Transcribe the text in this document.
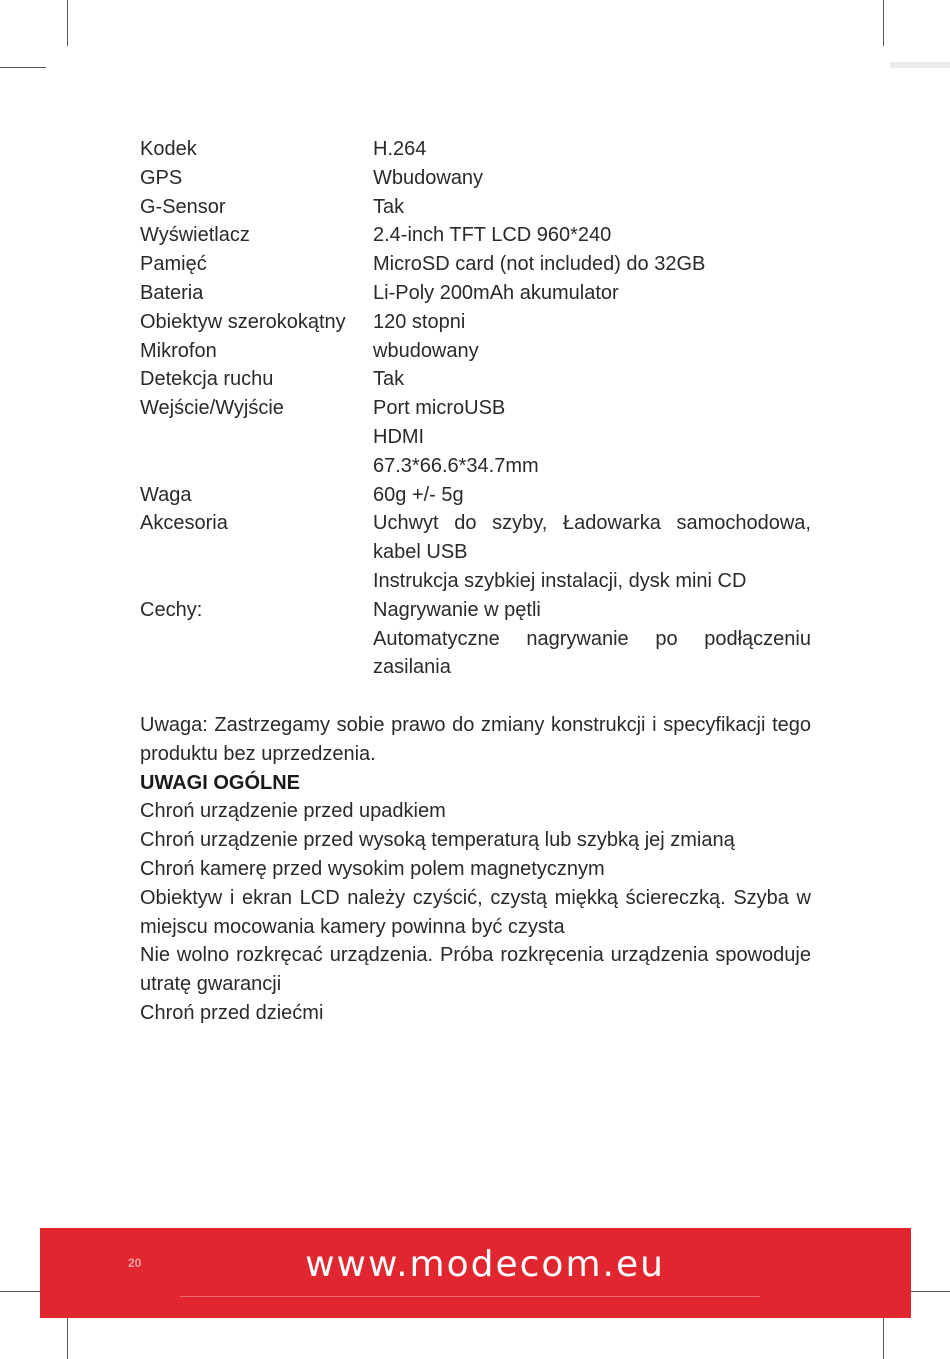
Kodek	H.264
GPS	Wbudowany
G-Sensor	Tak
Wyświetlacz	2.4-inch TFT LCD 960*240
Pamięć	MicroSD card (not included) do 32GB
Bateria	Li-Poly 200mAh akumulator
Obiektyw szerokokątny	120 stopni
Mikrofon	wbudowany
Detekcja ruchu	Tak
Wejście/Wyjście	Port microUSB
HDMI
67.3*66.6*34.7mm
Waga	60g +/- 5g
Akcesoria	Uchwyt do szyby, Ładowarka samochodowa, kabel USB
Instrukcja szybkiej instalacji, dysk mini CD
Cechy:	Nagrywanie w pętli
Automatyczne nagrywanie po podłączeniu zasilania

Uwaga: Zastrzegamy sobie prawo do zmiany konstrukcji i specyfikacji tego produktu bez uprzedzenia.

UWAGI OGÓLNE

Chroń urządzenie przed upadkiem

Chroń urządzenie przed wysoką temperaturą lub szybką jej zmianą

Chroń kamerę przed wysokim polem magnetycznym

Obiektyw i ekran LCD należy czyścić, czystą miękką ściereczką. Szyba w miejscu mocowania kamery powinna być czysta

Nie wolno rozkręcać urządzenia. Próba rozkręcenia urządzenia spowoduje utratę gwarancji

Chroń przed dziećmi

20	www.modecom.eu
